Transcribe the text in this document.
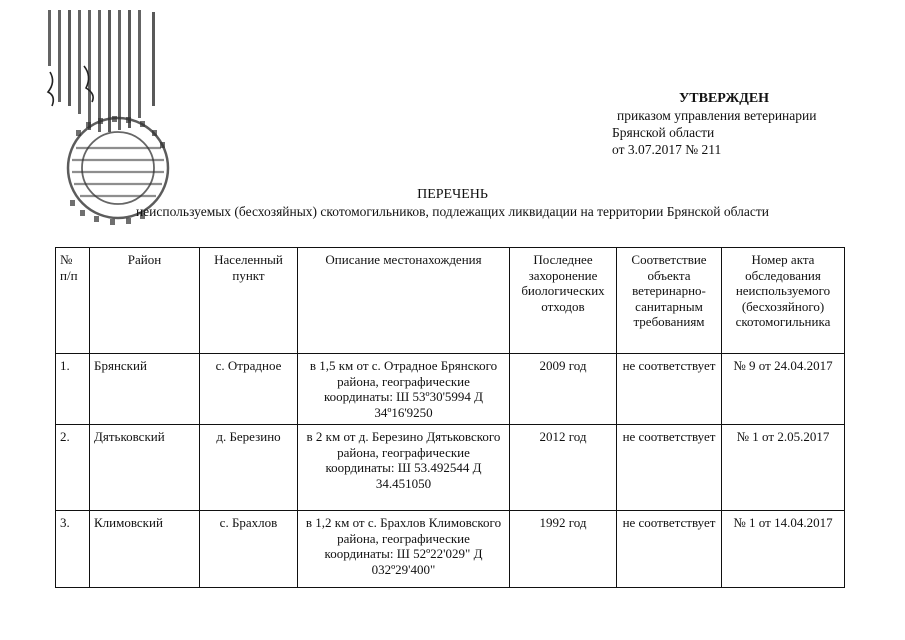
УТВЕРЖДЕН
приказом управления ветеринарии
Брянской области
от 3.07.2017 № 211
ПЕРЕЧЕНЬ
неиспользуемых (бесхозяйных) скотомогильников, подлежащих ликвидации на территории Брянской области
№ п/п	Район	Населенный пункт	Описание местонахождения	Последнее захоронение биологических отходов	Соответствие объекта ветеринарно-санитарным требованиям	Номер акта обследования неиспользуемого (бесхозяйного) скотомогильника
1.	Брянский	с. Отрадное	в 1,5 км от с. Отрадное Брянского района, географические координаты: Ш 53º30'5994 Д 34º16'9250	2009 год	не соответствует	№ 9 от 24.04.2017
2.	Дятьковский	д. Березино	в 2 км от д. Березино Дятьковского района, географические координаты: Ш 53.492544 Д 34.451050	2012 год	не соответствует	№ 1 от 2.05.2017
3.	Климовский	с. Брахлов	в 1,2 км от с. Брахлов Климовского района, географические координаты: Ш 52º22'029" Д 032º29'400"	1992 год	не соответствует	№ 1 от 14.04.2017
